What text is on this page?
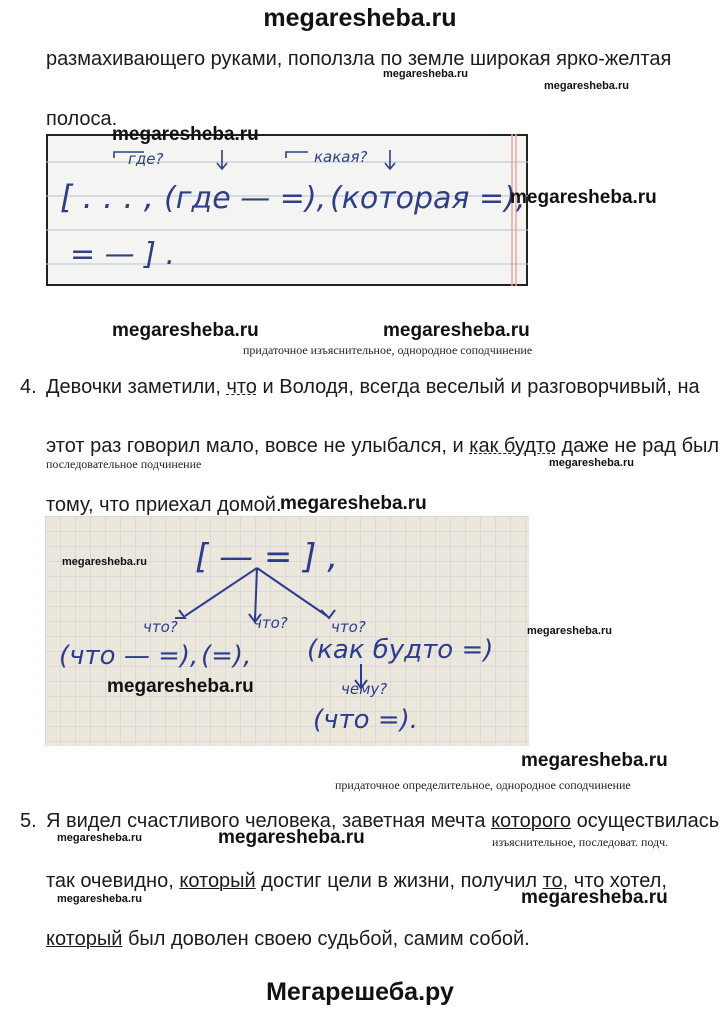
megaresheba.ru
размахивающего руками, поползла по земле широкая ярко-желтая
megaresheba.ru
megaresheba.ru
полоса.
где?	какая?
[ . . . , (где — =), (которая =),
= — ] .
megaresheba.ru
megaresheba.ru
megaresheba.ru	megaresheba.ru
придаточное изъяснительное, однородное соподчинение
4. Девочки заметили, что и Володя, всегда веселый и разговорчивый, на
этот раз говорил мало, вовсе не улыбался, и как будто даже не рад был
последовательное подчинение	megaresheba.ru
тому, что приехал домой.
megaresheba.ru
[ — = ] ,
что?	что?	что?
(что — =), (=), (как будто =)
чему?
(что =).
megaresheba.ru
megaresheba.ru
megaresheba.ru
megaresheba.ru
придаточное определительное, однородное соподчинение
5. Я видел счастливого человека, заветная мечта которого осуществилась
megaresheba.ru	megaresheba.ru	изъяснительное, последоват. подч.
так очевидно, который достиг цели в жизни, получил то, что хотел,
megaresheba.ru	megaresheba.ru
который был доволен своею судьбой, самим собой.
Мегарешеба.ру
